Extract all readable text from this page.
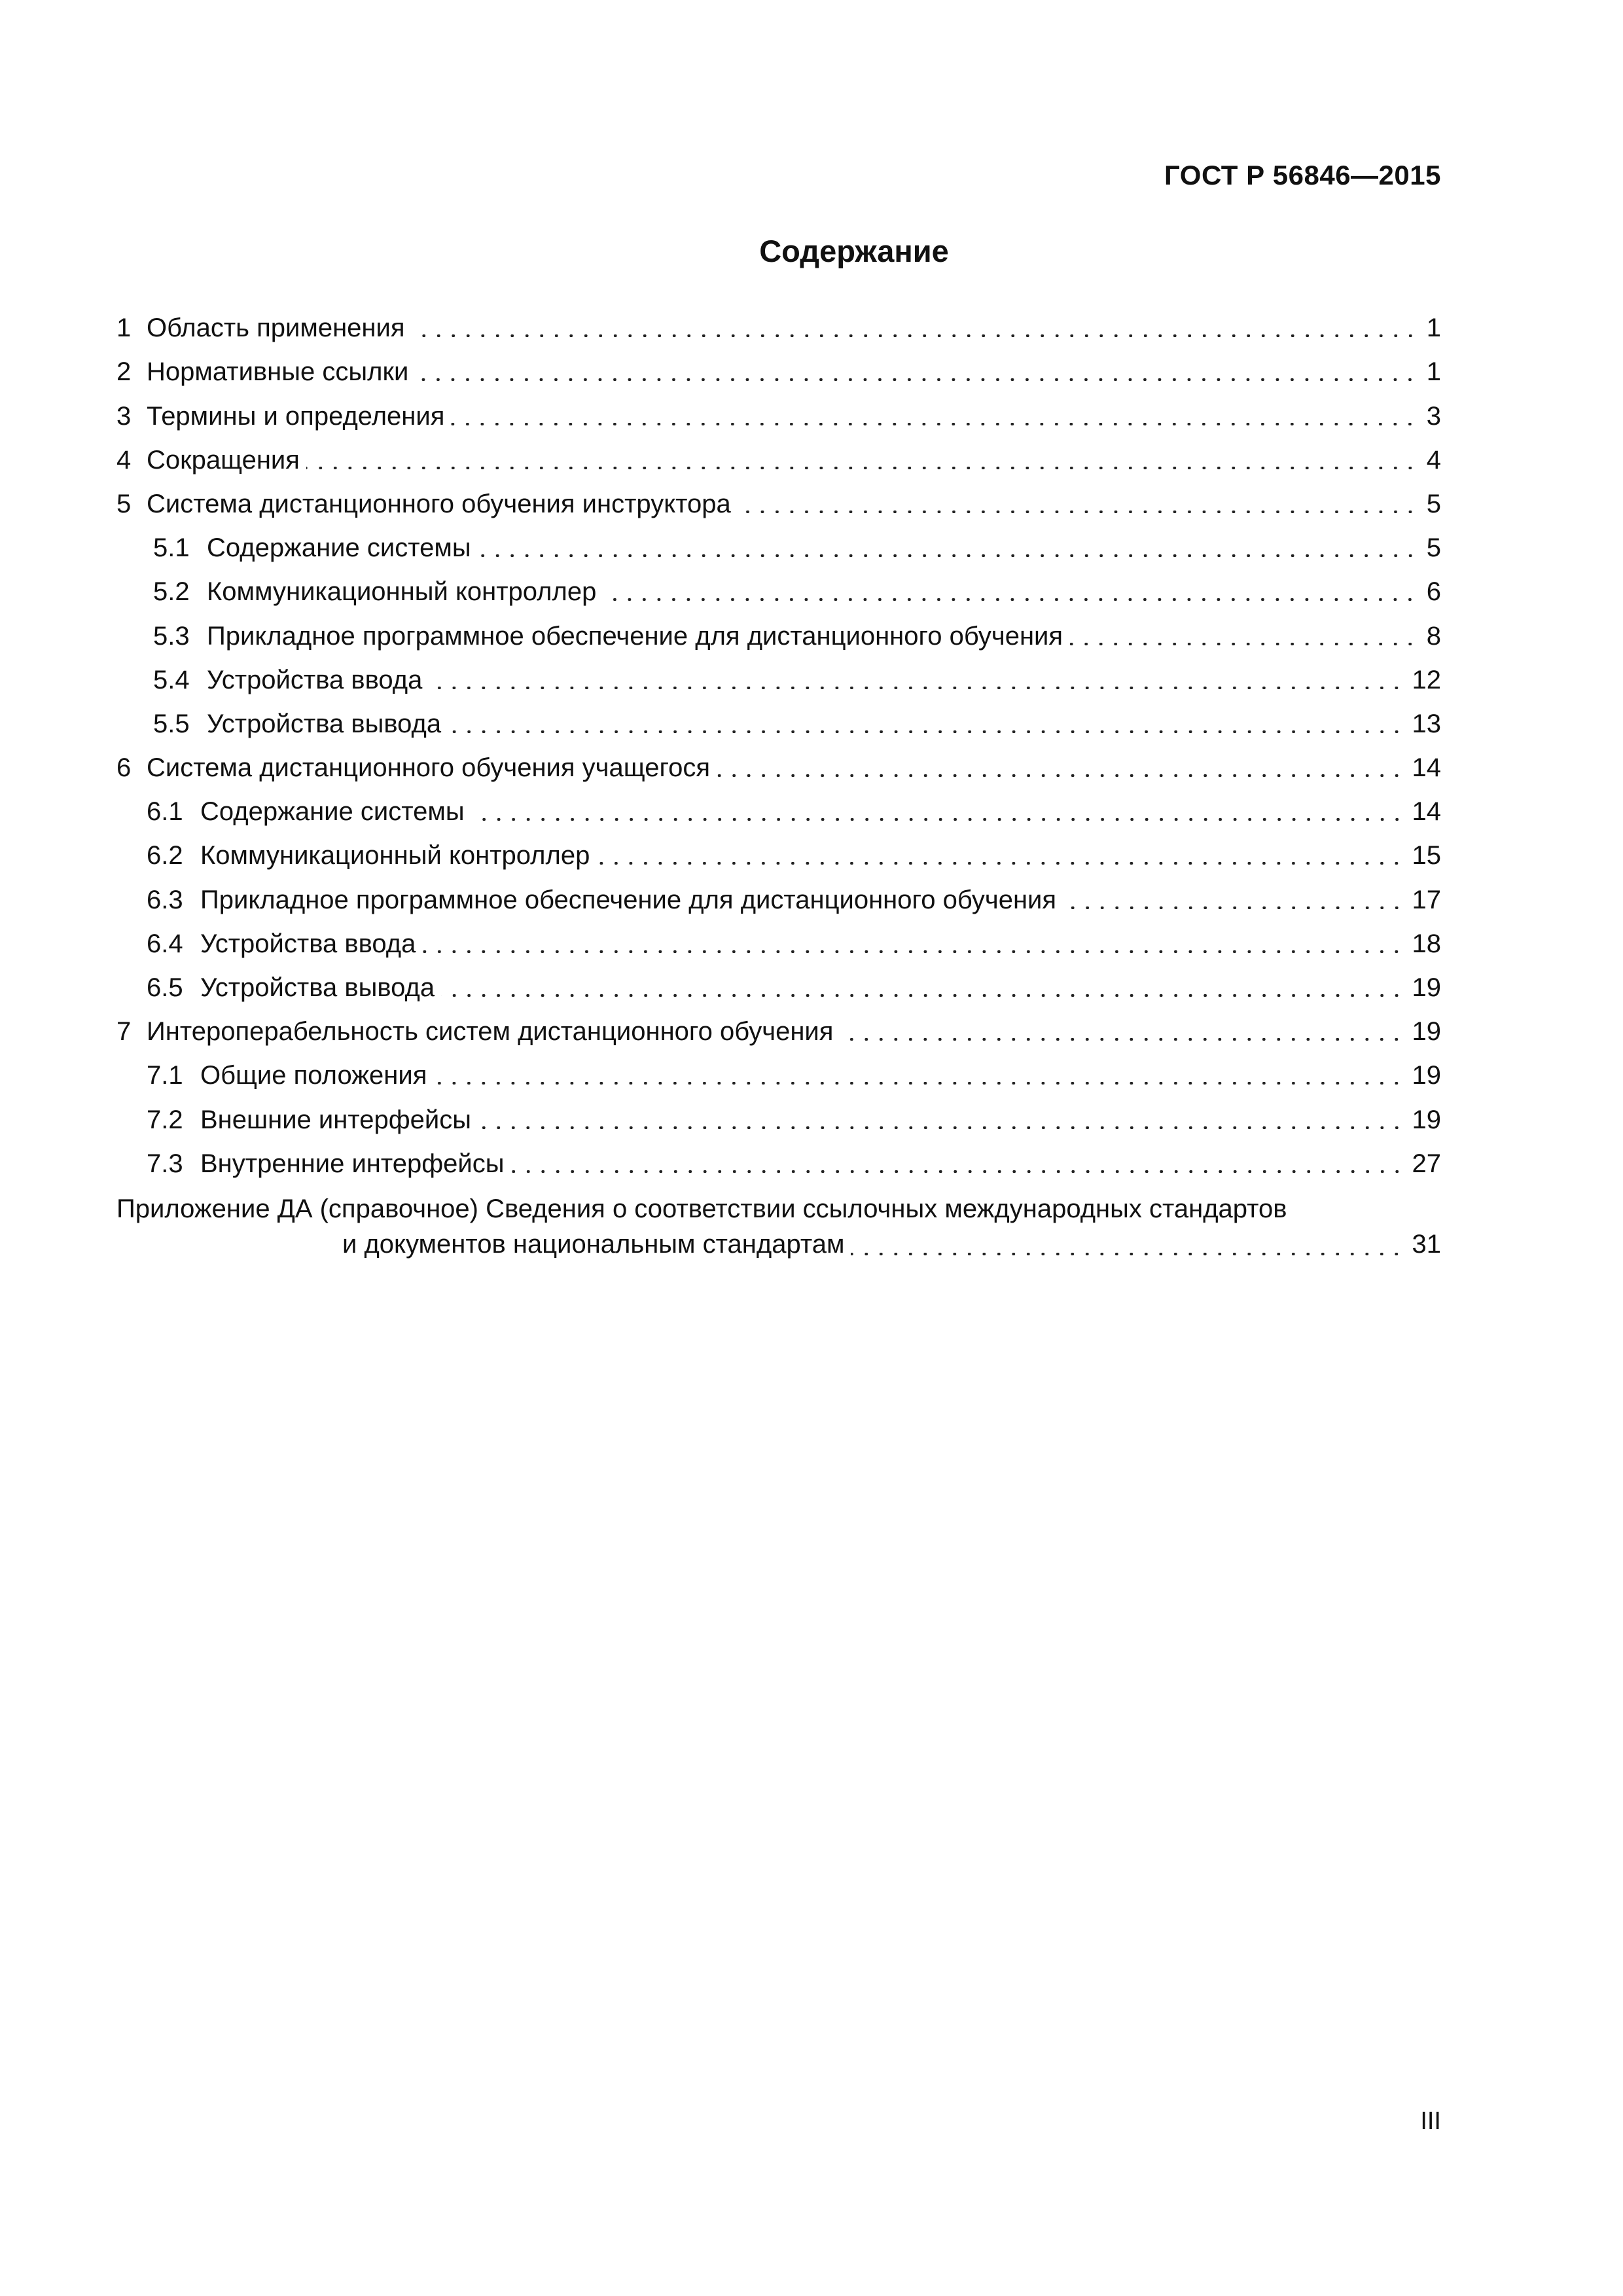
ГОСТ Р 56846—2015
Содержание
1 Область применения	1
2 Нормативные ссылки	1
3 Термины и определения	3
4 Сокращения	4
5 Система дистанционного обучения инструктора	5
5.1 Содержание системы	5
5.2 Коммуникационный контроллер	6
5.3 Прикладное программное обеспечение для дистанционного обучения	8
5.4 Устройства ввода	12
5.5 Устройства вывода	13
6 Система дистанционного обучения учащегося	14
6.1 Содержание системы	14
6.2 Коммуникационный контроллер	15
6.3 Прикладное программное обеспечение для дистанционного обучения	17
6.4 Устройства ввода	18
6.5 Устройства вывода	19
7 Интероперабельность систем дистанционного обучения	19
7.1 Общие положения	19
7.2 Внешние интерфейсы	19
7.3 Внутренние интерфейсы	27
Приложение ДА (справочное) Сведения о соответствии ссылочных международных стандартов
и документов национальным стандартам	31
III
